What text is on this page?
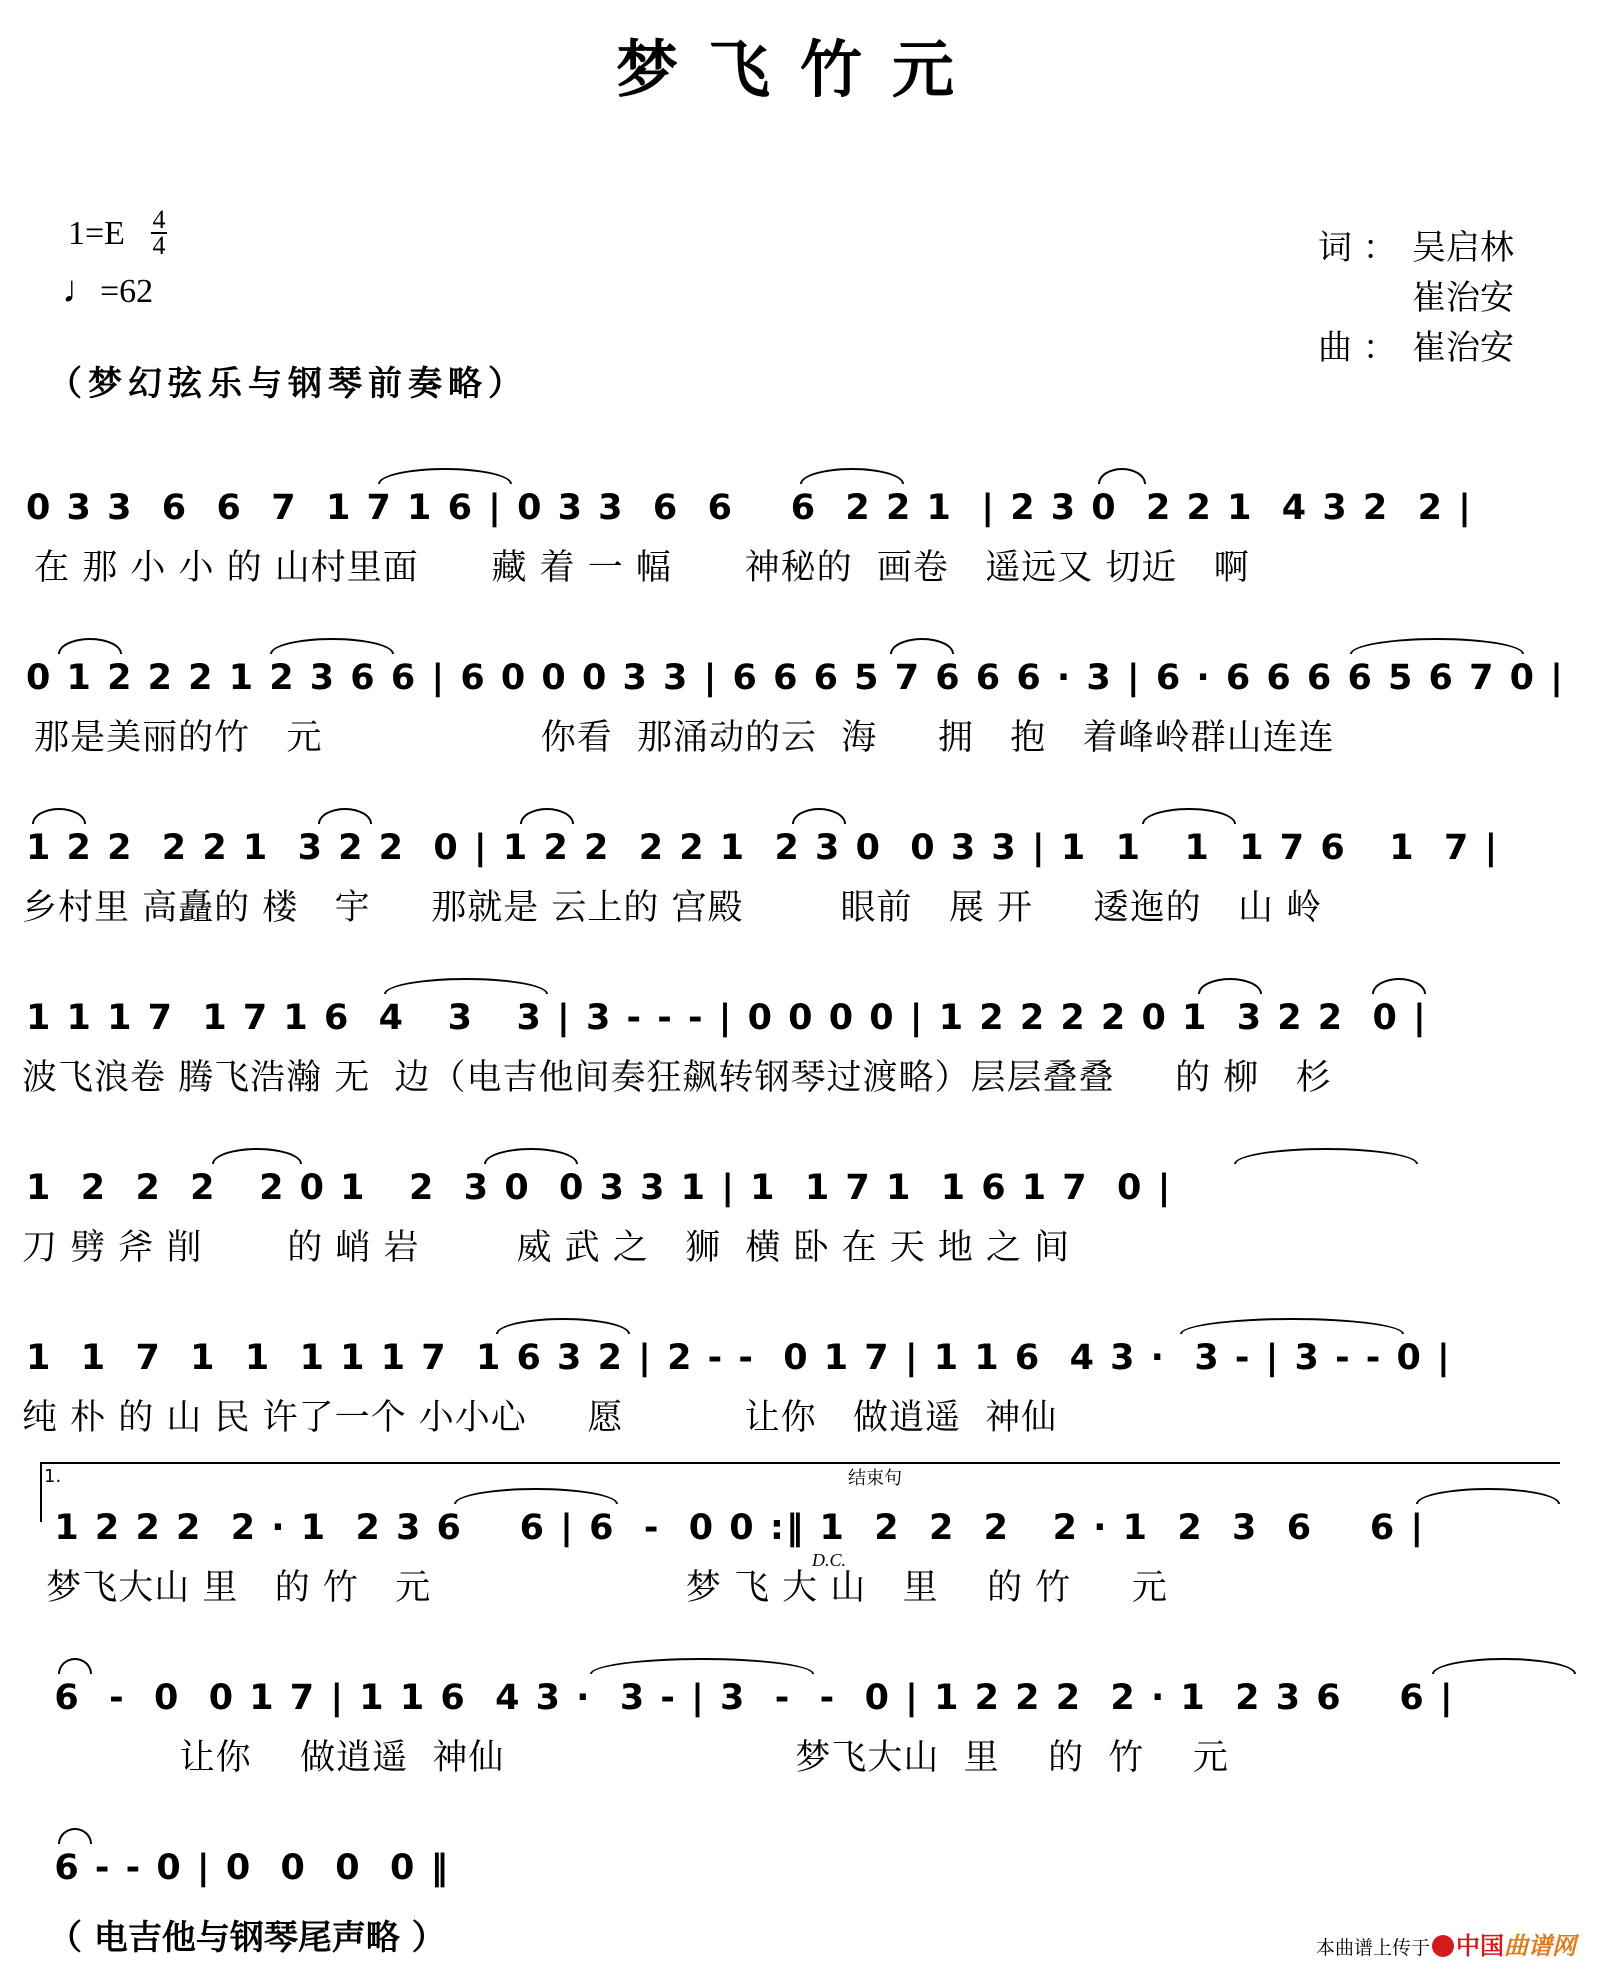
梦飞竹元
1=E 4
4
♩=62
词 ： 吴启林
崔治安
曲 ： 崔治安
（梦幻弦乐与钢琴前奏略）
0 3 3  6  6  7  1 7 1 6 | 0 3 3  6  6    6  2 2 1  | 2 3 0  2 2 1  4 3 2  2 |
在 那 小 小 的 山村里面      藏 着 一 幅      神秘的  画卷   遥远又 切近   啊
0 1 2 2 2 1 2 3 6 6 | 6 0 0 0 3 3 | 6 6 6 5 7 6 6 6 · 3 | 6 · 6 6 6 6 5 6 7 0 |
那是美丽的竹   元                  你看  那涌动的云  海     拥   抱   着峰岭群山连连
1 2 2  2 2 1  3 2 2  0 | 1 2 2  2 2 1  2 3 0  0 3 3 | 1  1   1  1 7 6   1  7 |
乡村里 高矗的 楼   宇     那就是 云上的 宫殿        眼前   展 开     逶迤的   山 岭
1 1 1 7  1 7 1 6  4   3   3 | 3 - - - | 0 0 0 0 | 1 2 2 2 2 0 1  3 2 2  0 |
波飞浪卷 腾飞浩瀚 无  边（电吉他间奏狂飙转钢琴过渡略）层层叠叠     的 柳   杉
1  2  2  2   2 0 1   2  3 0  0 3 3 1 | 1  1 7 1  1 6 1 7  0 |
刀 劈 斧 削       的 峭 岩        威 武 之   狮  横 卧 在 天 地 之 间
1  1  7  1  1  1 1 1 7  1 6 3 2 | 2 - -  0 1 7 | 1 1 6  4 3 ·  3 - | 3 - - 0 |
纯 朴 的 山 民 许了一个 小小心     愿          让你   做逍遥  神仙
1.	结束句
D.C.
1 2 2 2  2 · 1  2 3 6    6 | 6  -  0 0 :‖ 1  2  2  2   2 · 1  2  3  6    6 |
梦飞大山 里   的 竹   元                     梦 飞 大 山   里    的 竹     元
6  -  0  0 1 7 | 1 1 6  4 3 ·  3 - | 3  -  -  0 | 1 2 2 2  2 · 1  2 3 6    6 |
让你    做逍遥  神仙                        梦飞大山  里    的  竹    元
6 - - 0 | 0  0  0  0 ‖
（ 电吉他与钢琴尾声略 ）	本曲谱上传于 中国曲谱网
